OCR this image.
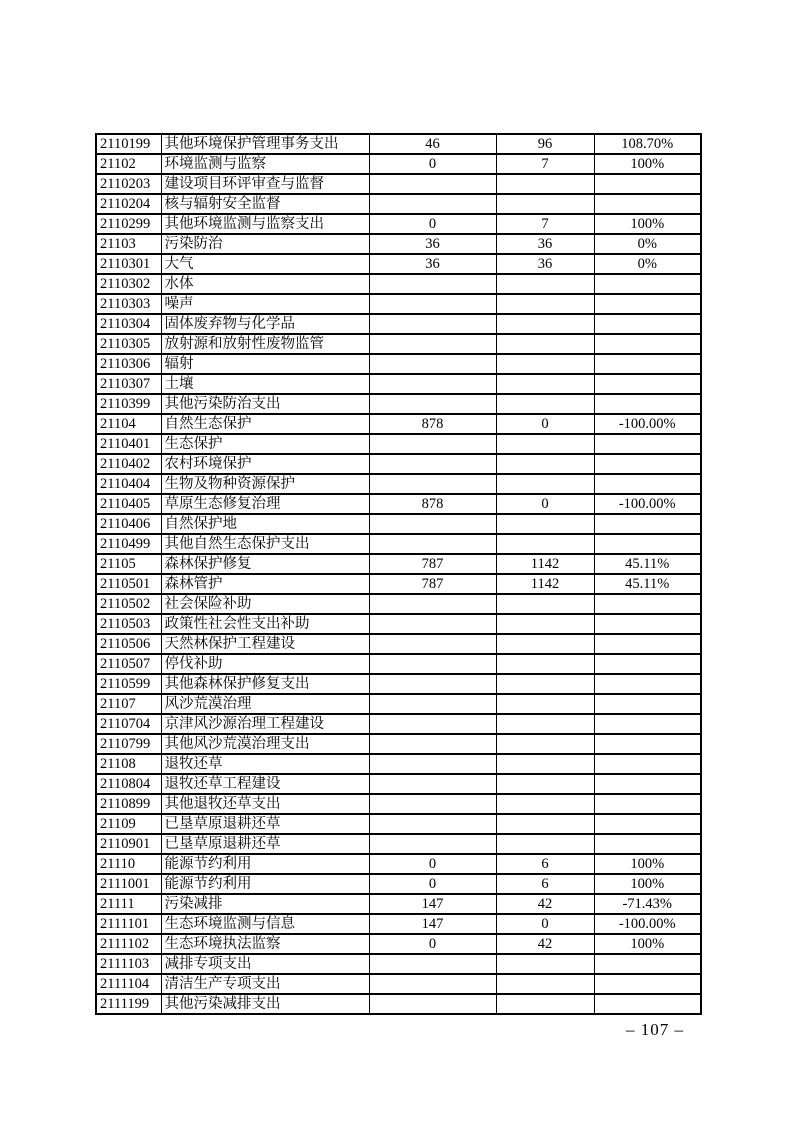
2110199	其他环境保护管理事务支出	46	96	108.70%
21102	环境监测与监察	0	7	100%
2110203	建设项目环评审查与监督			
2110204	核与辐射安全监督			
2110299	其他环境监测与监察支出	0	7	100%
21103	污染防治	36	36	0%
2110301	大气	36	36	0%
2110302	水体			
2110303	噪声			
2110304	固体废弃物与化学品			
2110305	放射源和放射性废物监管			
2110306	辐射			
2110307	土壤			
2110399	其他污染防治支出			
21104	自然生态保护	878	0	-100.00%
2110401	生态保护			
2110402	农村环境保护			
2110404	生物及物种资源保护			
2110405	草原生态修复治理	878	0	-100.00%
2110406	自然保护地			
2110499	其他自然生态保护支出			
21105	森林保护修复	787	1142	45.11%
2110501	森林管护	787	1142	45.11%
2110502	社会保险补助			
2110503	政策性社会性支出补助			
2110506	天然林保护工程建设			
2110507	停伐补助			
2110599	其他森林保护修复支出			
21107	风沙荒漠治理			
2110704	京津风沙源治理工程建设			
2110799	其他风沙荒漠治理支出			
21108	退牧还草			
2110804	退牧还草工程建设			
2110899	其他退牧还草支出			
21109	已垦草原退耕还草			
2110901	已垦草原退耕还草			
21110	能源节约利用	0	6	100%
2111001	能源节约利用	0	6	100%
21111	污染减排	147	42	-71.43%
2111101	生态环境监测与信息	147	0	-100.00%
2111102	生态环境执法监察	0	42	100%
2111103	减排专项支出			
2111104	清洁生产专项支出			
2111199	其他污染减排支出			
– 107 –
